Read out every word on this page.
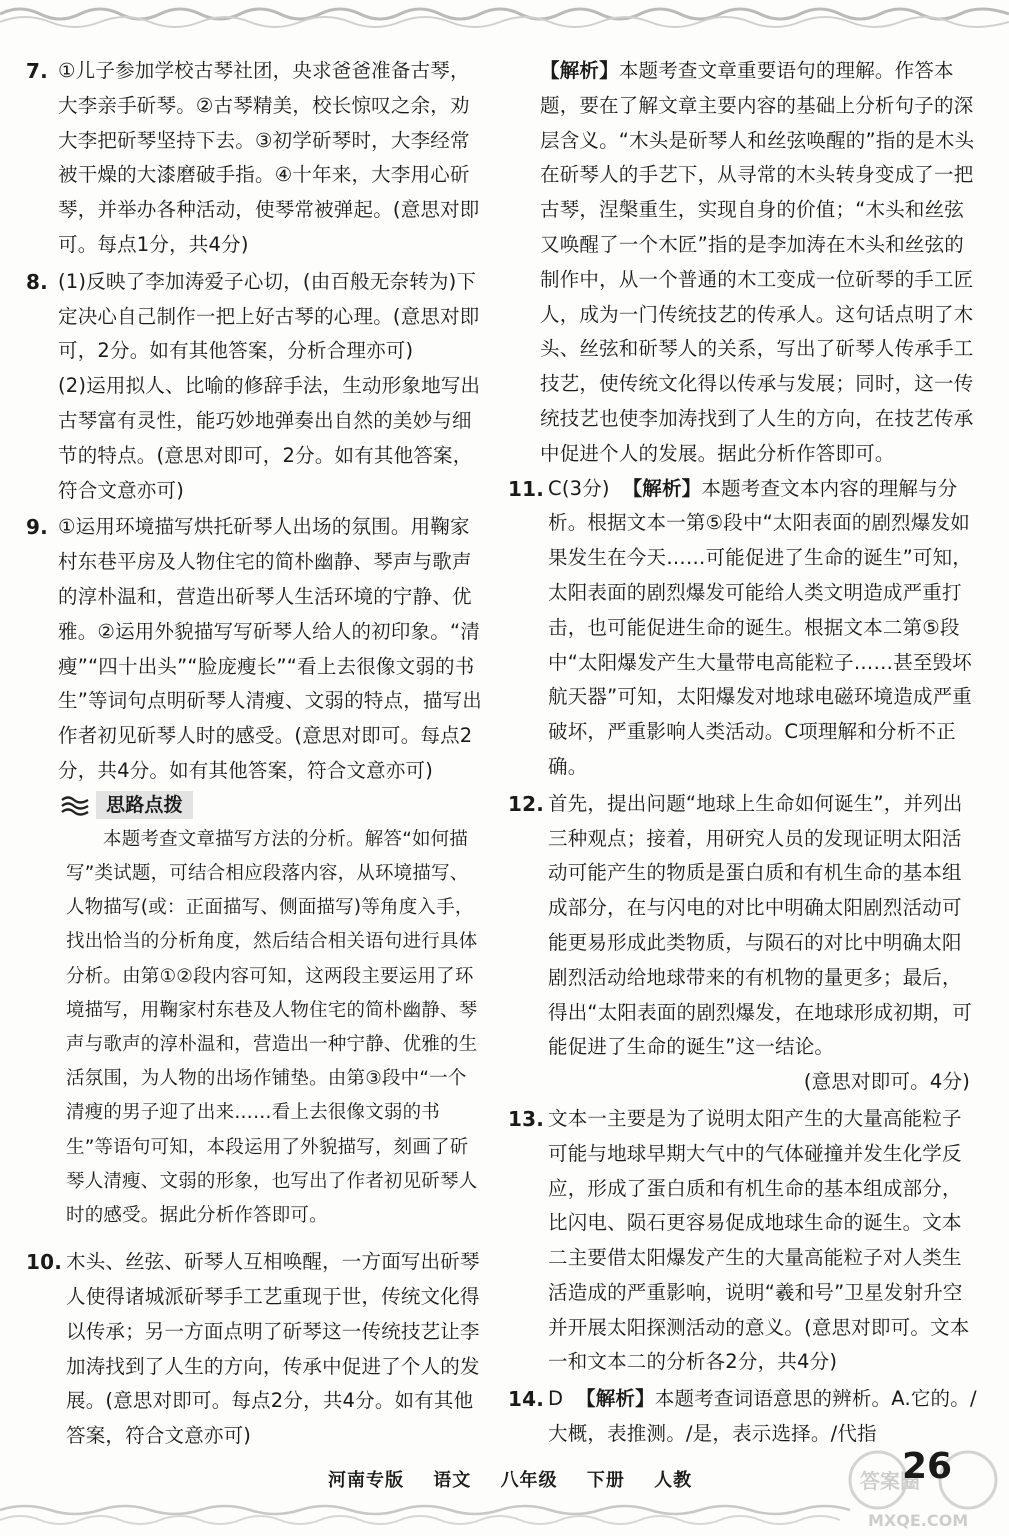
7. ①儿子参加学校古琴社团，央求爸爸准备古琴，大李亲手斫琴。②古琴精美，校长惊叹之余，劝大李把斫琴坚持下去。③初学斫琴时，大李经常被干燥的大漆磨破手指。④十年来，大李用心斫琴，并举办各种活动，使琴常被弹起。(意思对即可。每点1分，共4分)
8. (1)反映了李加涛爱子心切，(由百般无奈转为)下定决心自己制作一把上好古琴的心理。(意思对即可，2分。如有其他答案，分析合理亦可)
(2)运用拟人、比喻的修辞手法，生动形象地写出古琴富有灵性，能巧妙地弹奏出自然的美妙与细节的特点。(意思对即可，2分。如有其他答案，符合文意亦可)
9. ①运用环境描写烘托斫琴人出场的氛围。用鞠家村东巷平房及人物住宅的简朴幽静、琴声与歌声的淳朴温和，营造出斫琴人生活环境的宁静、优雅。②运用外貌描写写斫琴人给人的初印象。“清瘦”“四十出头”“脸庞瘦长”“看上去很像文弱的书生”等词句点明斫琴人清瘦、文弱的特点，描写出作者初见斫琴人时的感受。(意思对即可。每点2分，共4分。如有其他答案，符合文意亦可)
思路点拨
本题考查文章描写方法的分析。解答“如何描写”类试题，可结合相应段落内容，从环境描写、人物描写(或：正面描写、侧面描写)等角度入手，找出恰当的分析角度，然后结合相关语句进行具体分析。由第①②段内容可知，这两段主要运用了环境描写，用鞠家村东巷及人物住宅的简朴幽静、琴声与歌声的淳朴温和，营造出一种宁静、优雅的生活氛围，为人物的出场作铺垫。由第③段中“一个清瘦的男子迎了出来……看上去很像文弱的书生”等语句可知，本段运用了外貌描写，刻画了斫琴人清瘦、文弱的形象，也写出了作者初见斫琴人时的感受。据此分析作答即可。
10. 木头、丝弦、斫琴人互相唤醒，一方面写出斫琴人使得诸城派斫琴手工艺重现于世，传统文化得以传承；另一方面点明了斫琴这一传统技艺让李加涛找到了人生的方向，传承中促进了个人的发展。(意思对即可。每点2分，共4分。如有其他答案，符合文意亦可)
【解析】本题考查文章重要语句的理解。作答本题，要在了解文章主要内容的基础上分析句子的深层含义。“木头是斫琴人和丝弦唤醒的”指的是木头在斫琴人的手艺下，从寻常的木头转身变成了一把古琴，涅槃重生，实现自身的价值；“木头和丝弦又唤醒了一个木匠”指的是李加涛在木头和丝弦的制作中，从一个普通的木工变成一位斫琴的手工匠人，成为一门传统技艺的传承人。这句话点明了木头、丝弦和斫琴人的关系，写出了斫琴人传承手工技艺，使传统文化得以传承与发展；同时，这一传统技艺也使李加涛找到了人生的方向，在技艺传承中促进个人的发展。据此分析作答即可。
11. C(3分) 【解析】本题考查文本内容的理解与分析。根据文本一第⑤段中“太阳表面的剧烈爆发如果发生在今天……可能促进了生命的诞生”可知，太阳表面的剧烈爆发可能给人类文明造成严重打击，也可能促进生命的诞生。根据文本二第⑤段中“太阳爆发产生大量带电高能粒子……甚至毁坏航天器”可知，太阳爆发对地球电磁环境造成严重破坏，严重影响人类活动。C项理解和分析不正确。
12. 首先，提出问题“地球上生命如何诞生”，并列出三种观点；接着，用研究人员的发现证明太阳活动可能产生的物质是蛋白质和有机生命的基本组成部分，在与闪电的对比中明确太阳剧烈活动可能更易形成此类物质，与陨石的对比中明确太阳剧烈活动给地球带来的有机物的量更多；最后，得出“太阳表面的剧烈爆发，在地球形成初期，可能促进了生命的诞生”这一结论。
(意思对即可。4分)
13. 文本一主要是为了说明太阳产生的大量高能粒子可能与地球早期大气中的气体碰撞并发生化学反应，形成了蛋白质和有机生命的基本组成部分，比闪电、陨石更容易促成地球生命的诞生。文本二主要借太阳爆发产生的大量高能粒子对人类生活造成的严重影响，说明“羲和号”卫星发射升空并开展太阳探测活动的意义。(意思对即可。文本一和文本二的分析各2分，共4分)
14. D 【解析】本题考查词语意思的辨析。A.它的。/大概，表推测。/是，表示选择。/代指
河南专版 语文 八年级 下册 人教	答案圈
MXQE.COM
26
